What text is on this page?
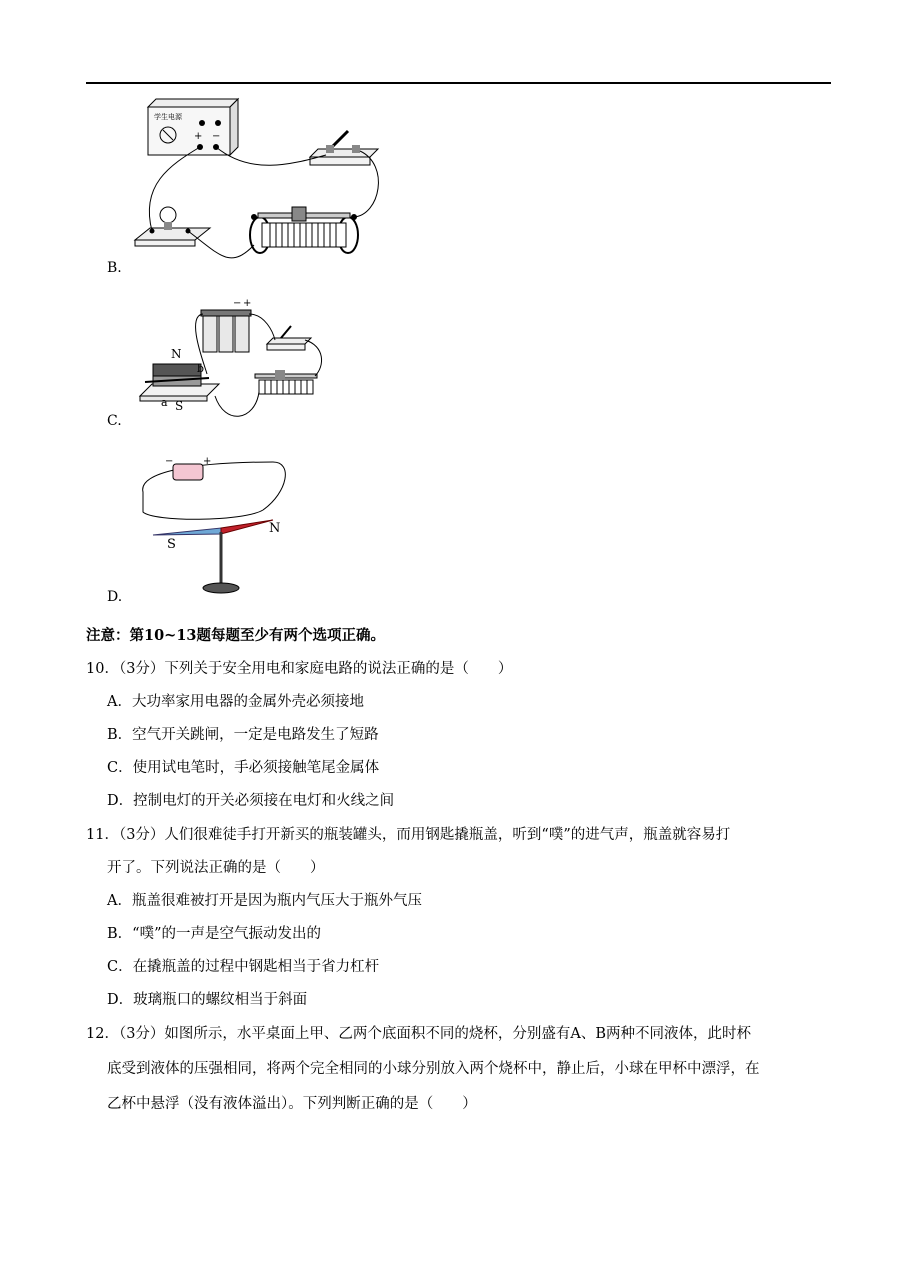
+ −
学生电源
B.
− +
N
S
a
b
C.
−	+
S
N
D.
注意：第10~13题每题至少有两个选项正确。
10．（3分）下列关于安全用电和家庭电路的说法正确的是（　　）
A．大功率家用电器的金属外壳必须接地
B．空气开关跳闸，一定是电路发生了短路
C．使用试电笔时，手必须接触笔尾金属体
D．控制电灯的开关必须接在电灯和火线之间
11．（3分）人们很难徒手打开新买的瓶装罐头，而用钢匙撬瓶盖，听到“噗”的进气声，瓶盖就容易打
开了。下列说法正确的是（　　）
A．瓶盖很难被打开是因为瓶内气压大于瓶外气压
B．“噗”的一声是空气振动发出的
C．在撬瓶盖的过程中钢匙相当于省力杠杆
D．玻璃瓶口的螺纹相当于斜面
12．（3分）如图所示，水平桌面上甲、乙两个底面积不同的烧杯，分别盛有A、B两种不同液体，此时杯
底受到液体的压强相同，将两个完全相同的小球分别放入两个烧杯中，静止后，小球在甲杯中漂浮，在
乙杯中悬浮（没有液体溢出）。下列判断正确的是（　　）
